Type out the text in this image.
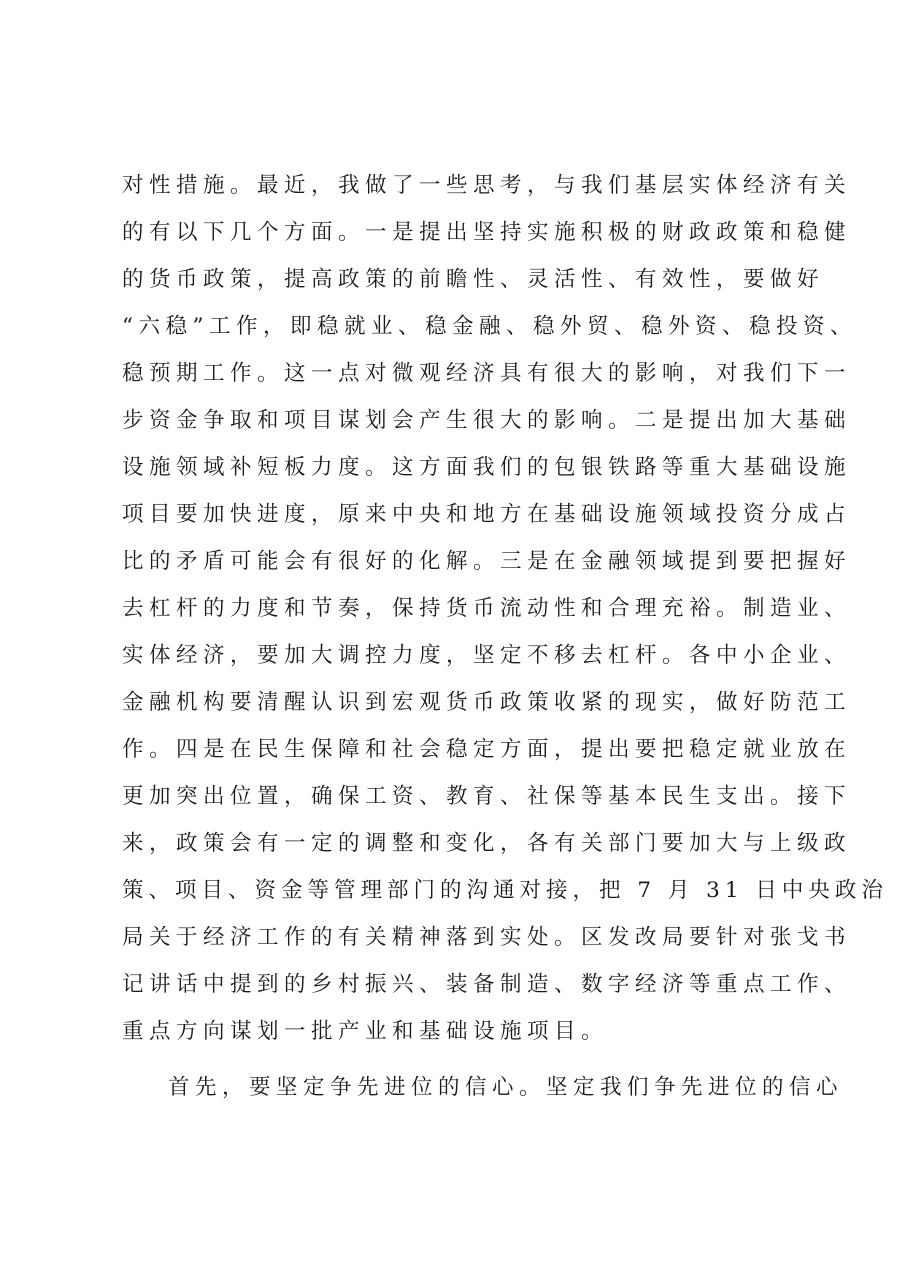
对性措施。最近，我做了一些思考，与我们基层实体经济有关
的有以下几个方面。一是提出坚持实施积极的财政政策和稳健
的货币政策，提高政策的前瞻性、灵活性、有效性，要做好
“六稳”工作，即稳就业、稳金融、稳外贸、稳外资、稳投资、
稳预期工作。这一点对微观经济具有很大的影响，对我们下一
步资金争取和项目谋划会产生很大的影响。二是提出加大基础
设施领域补短板力度。这方面我们的包银铁路等重大基础设施
项目要加快进度，原来中央和地方在基础设施领域投资分成占
比的矛盾可能会有很好的化解。三是在金融领域提到要把握好
去杠杆的力度和节奏，保持货币流动性和合理充裕。制造业、
实体经济，要加大调控力度，坚定不移去杠杆。各中小企业、
金融机构要清醒认识到宏观货币政策收紧的现实，做好防范工
作。四是在民生保障和社会稳定方面，提出要把稳定就业放在
更加突出位置，确保工资、教育、社保等基本民生支出。接下
来，政策会有一定的调整和变化，各有关部门要加大与上级政
策、项目、资金等管理部门的沟通对接，把 7 月 31 日中央政治
局关于经济工作的有关精神落到实处。区发改局要针对张戈书
记讲话中提到的乡村振兴、装备制造、数字经济等重点工作、
重点方向谋划一批产业和基础设施项目。
首先，要坚定争先进位的信心。坚定我们争先进位的信心
